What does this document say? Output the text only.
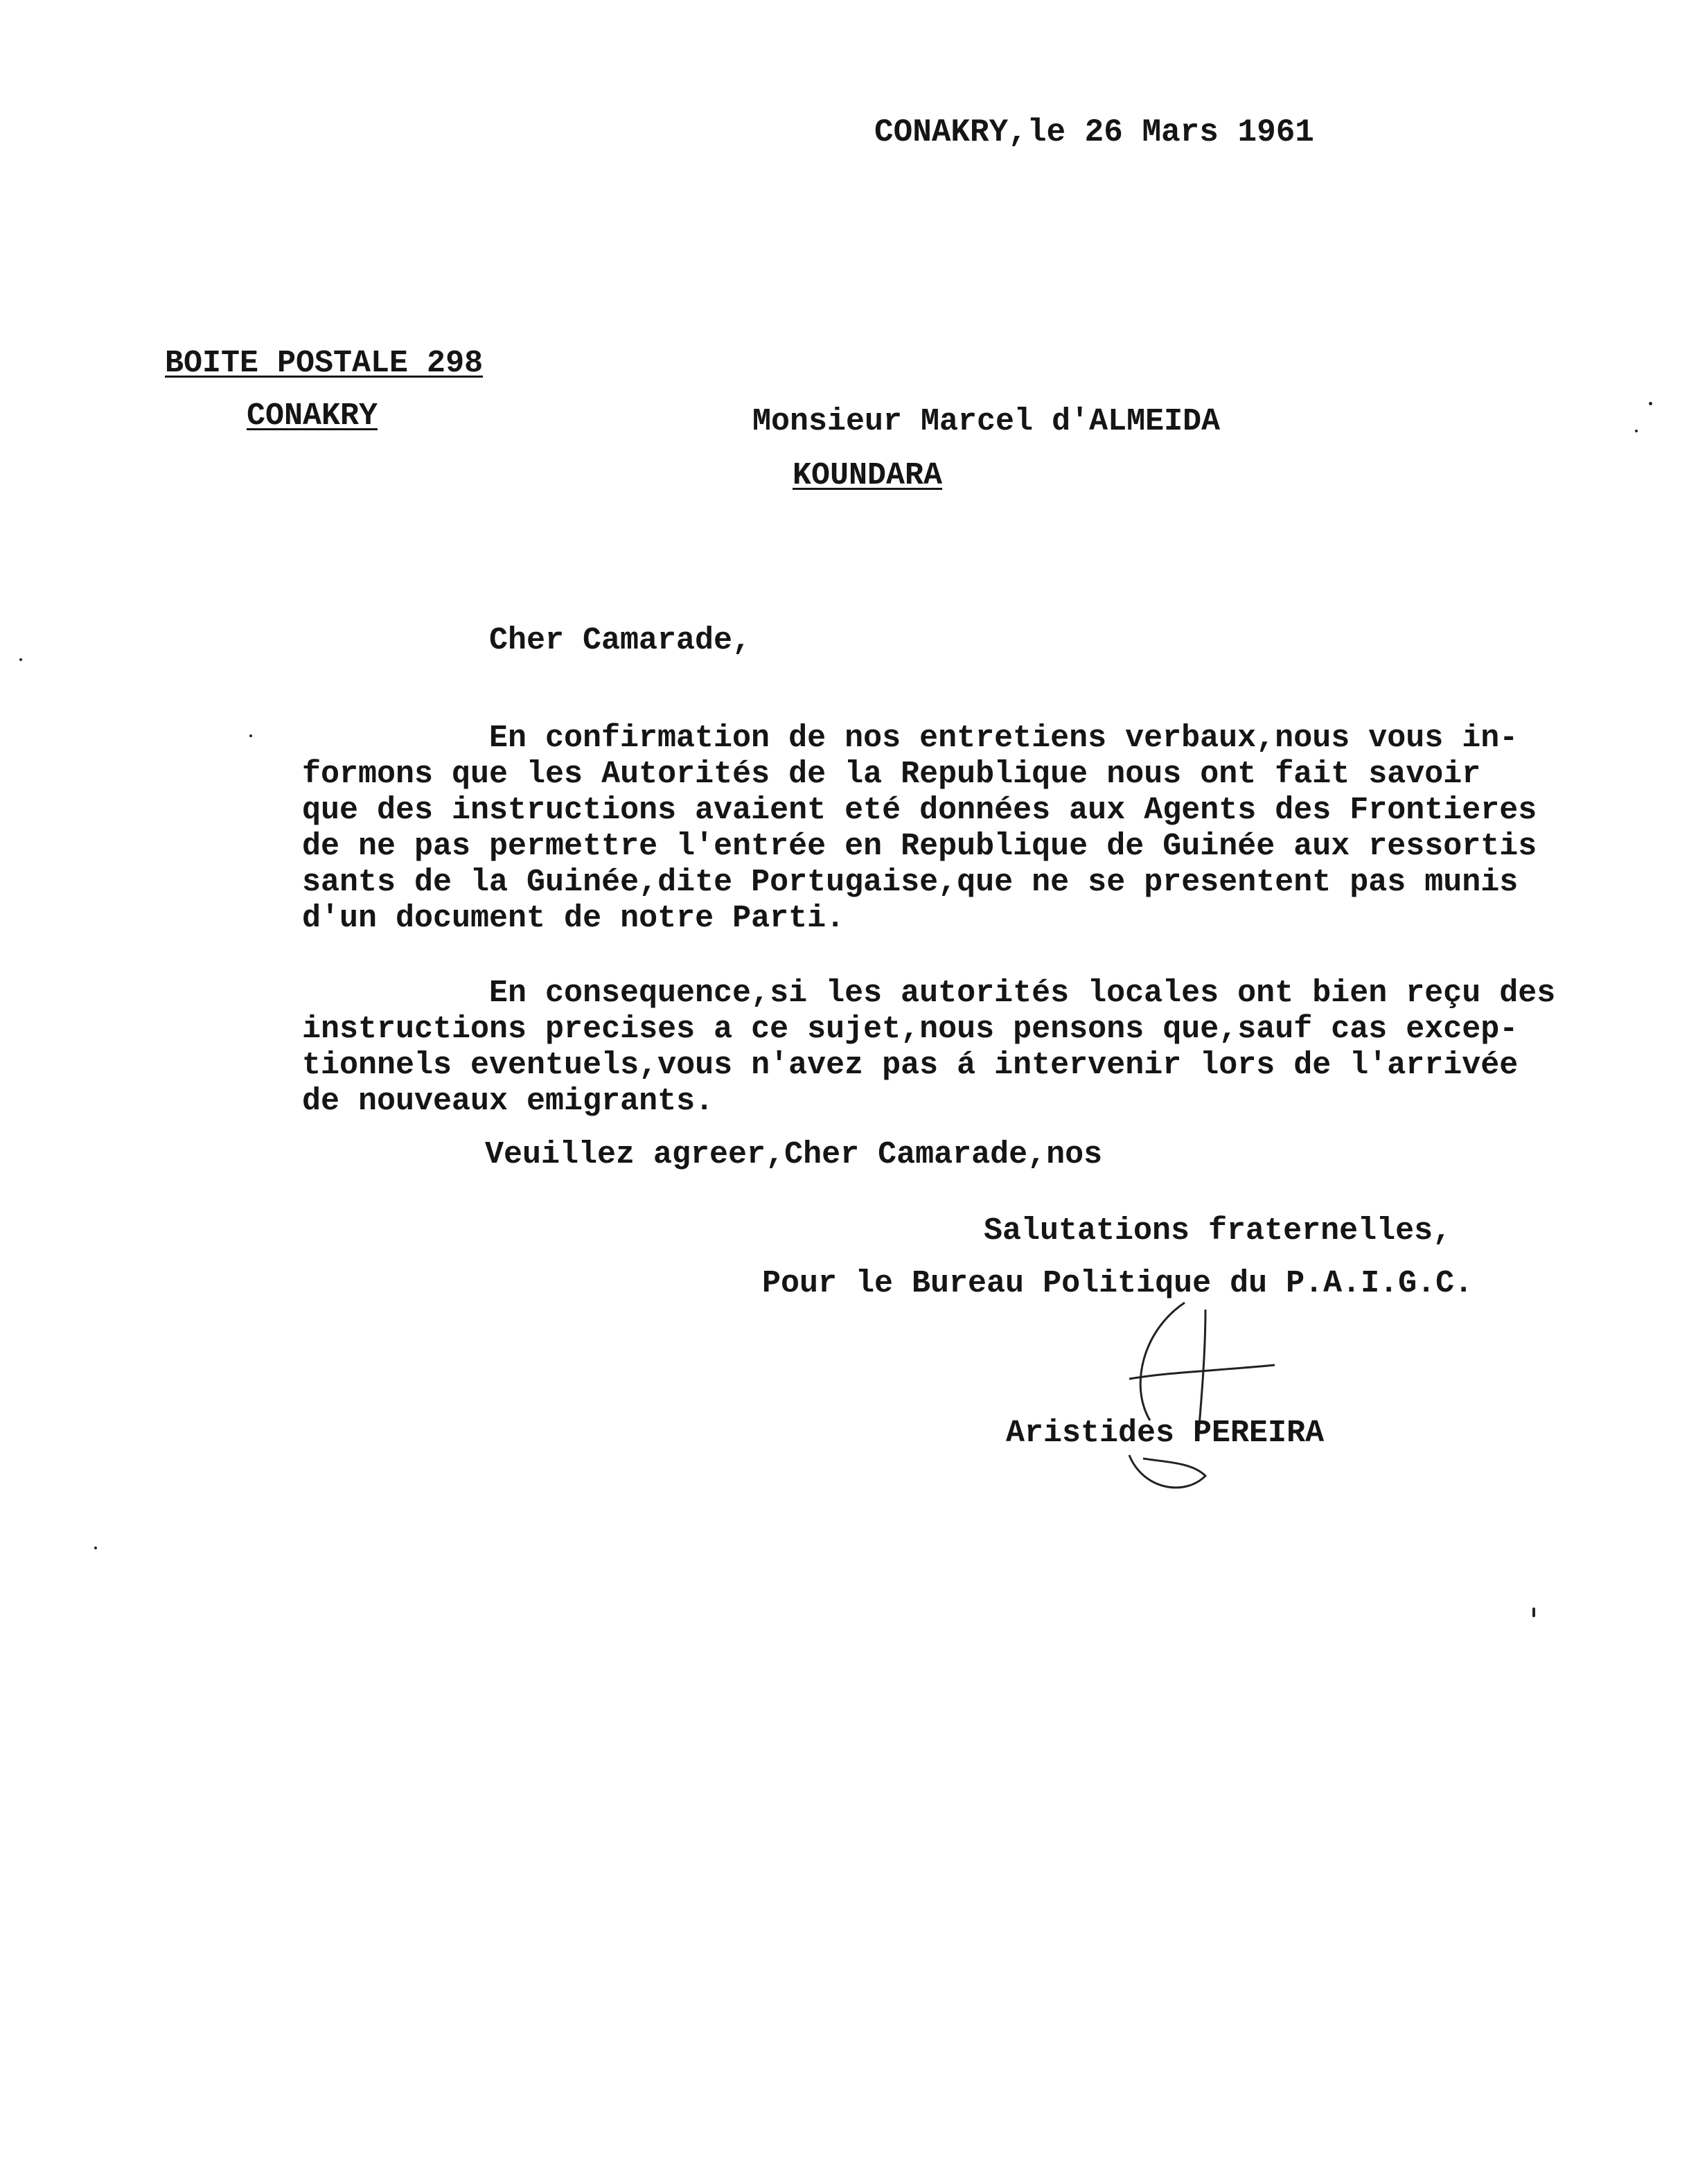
CONAKRY,le 26 Mars 1961
BOITE POSTALE 298
CONAKRY	Monsieur Marcel d'ALMEIDA
KOUNDARA
Cher Camarade,
En confirmation de nos entretiens verbaux,nous vous in-
formons que les Autorités de la Republique nous ont fait savoir
que des instructions avaient eté données aux Agents des Frontieres
de ne pas permettre l'entrée en Republique de Guinée aux ressortis
sants de la Guinée,dite Portugaise,que ne se presentent pas munis
d'un document de notre Parti.
En consequence,si les autorités locales ont bien reçu des
instructions precises a ce sujet,nous pensons que,sauf cas excep-
tionnels eventuels,vous n'avez pas á intervenir lors de l'arrivée
de nouveaux emigrants.
Veuillez agreer,Cher Camarade,nos
Salutations fraternelles,
Pour le Bureau Politique du P.A.I.G.C.
Aristides PEREIRA
